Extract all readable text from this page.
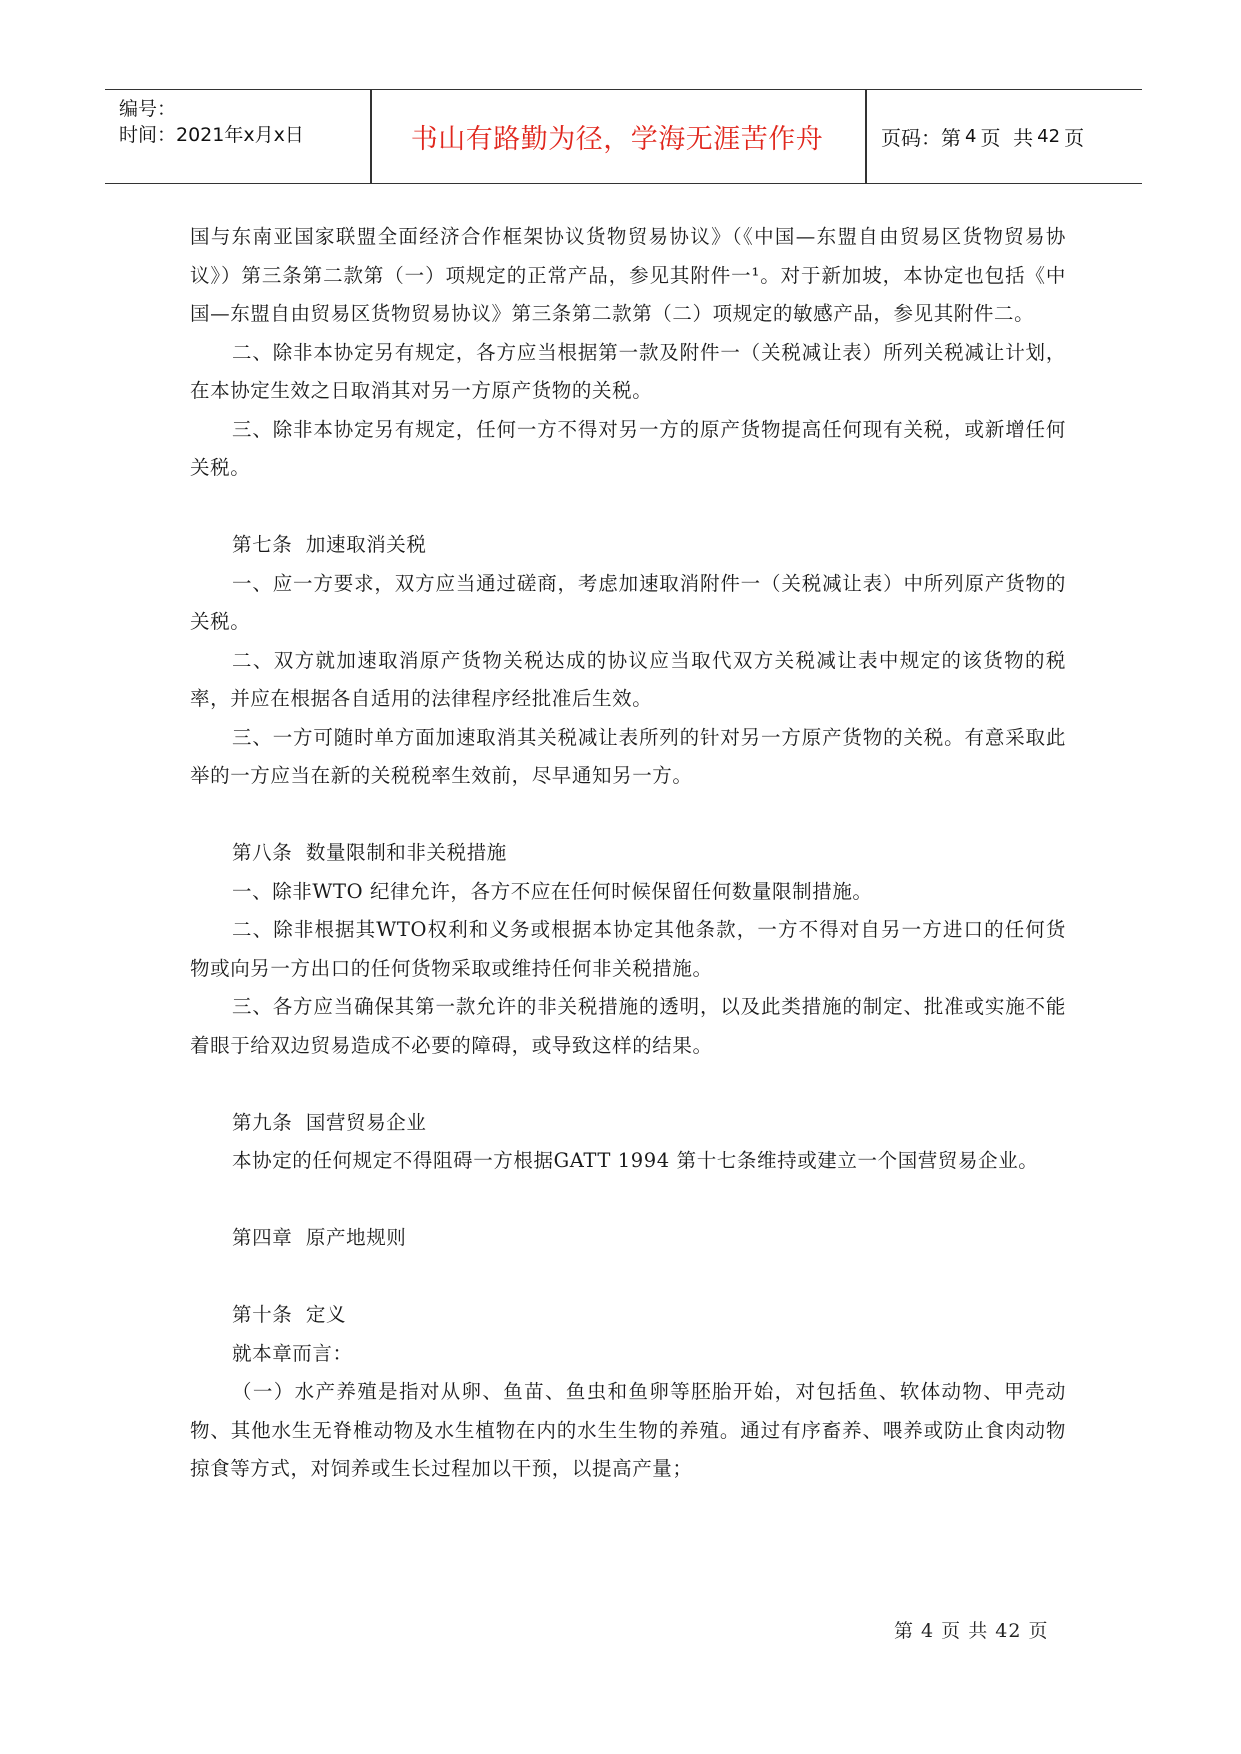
编号：
时间：2021年x月x日	书山有路勤为径，学海无涯苦作舟	页码：第 4 页  共 42 页

国与东南亚国家联盟全面经济合作框架协议货物贸易协议》（《中国—东盟自由贸易区货物贸易协议》）第三条第二款第（一）项规定的正常产品，参见其附件一¹。对于新加坡，本协定也包括《中国—东盟自由贸易区货物贸易协议》第三条第二款第（二）项规定的敏感产品，参见其附件二。

二、除非本协定另有规定，各方应当根据第一款及附件一（关税减让表）所列关税减让计划，在本协定生效之日取消其对另一方原产货物的关税。

三、除非本协定另有规定，任何一方不得对另一方的原产货物提高任何现有关税，或新增任何关税。

第七条  加速取消关税

一、应一方要求，双方应当通过磋商，考虑加速取消附件一（关税减让表）中所列原产货物的关税。

二、双方就加速取消原产货物关税达成的协议应当取代双方关税减让表中规定的该货物的税率，并应在根据各自适用的法律程序经批准后生效。

三、一方可随时单方面加速取消其关税减让表所列的针对另一方原产货物的关税。有意采取此举的一方应当在新的关税税率生效前，尽早通知另一方。

第八条  数量限制和非关税措施

一、除非WTO 纪律允许，各方不应在任何时候保留任何数量限制措施。

二、除非根据其WTO权利和义务或根据本协定其他条款，一方不得对自另一方进口的任何货物或向另一方出口的任何货物采取或维持任何非关税措施。

三、各方应当确保其第一款允许的非关税措施的透明，以及此类措施的制定、批准或实施不能着眼于给双边贸易造成不必要的障碍，或导致这样的结果。

第九条  国营贸易企业

本协定的任何规定不得阻碍一方根据GATT 1994 第十七条维持或建立一个国营贸易企业。

第四章  原产地规则

第十条  定义

就本章而言：

（一）水产养殖是指对从卵、鱼苗、鱼虫和鱼卵等胚胎开始，对包括鱼、软体动物、甲壳动物、其他水生无脊椎动物及水生植物在内的水生生物的养殖。通过有序畜养、喂养或防止食肉动物掠食等方式，对饲养或生长过程加以干预，以提高产量；

第 4 页 共 42 页
